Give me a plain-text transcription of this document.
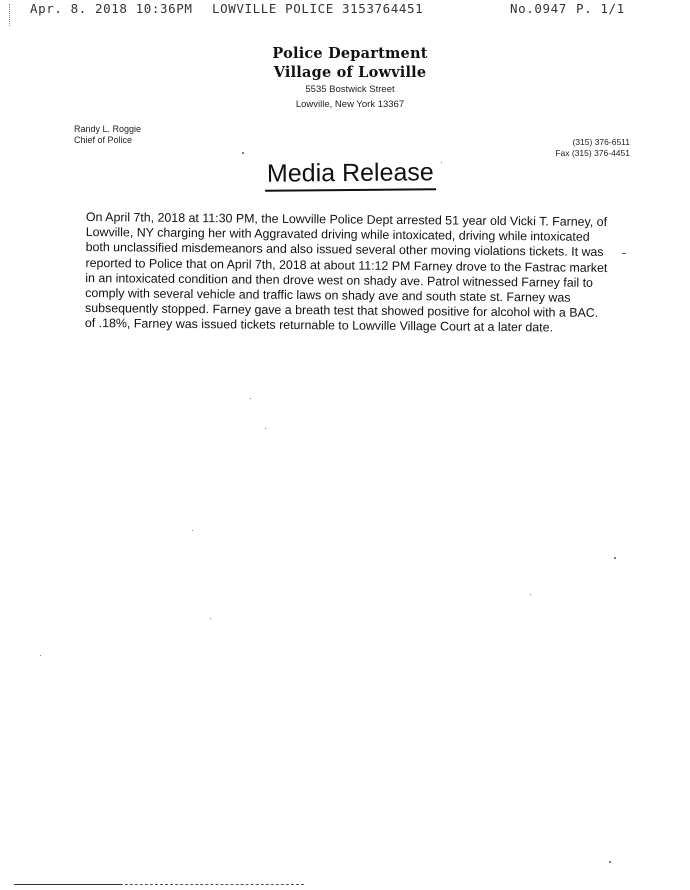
Apr. 8. 2018 10:36PM LOWVILLE POLICE 3153764451	No.0947 P. 1/1
Police Department
Village of Lowville
5535 Bostwick Street
Lowville, New York 13367
Randy L. Roggie
Chief of Police	(315) 376-6511
Fax (315) 376-4451
Media Release

On April 7th, 2018 at 11:30 PM, the Lowville Police Dept arrested 51 year old Vicki T. Farney, of Lowville, NY charging her with Aggravated driving while intoxicated, driving while intoxicated both unclassified misdemeanors and also issued several other moving violations tickets. It was reported to Police that on April 7th, 2018 at about 11:12 PM Farney drove to the Fastrac market in an intoxicated condition and then drove west on shady ave. Patrol witnessed Farney fail to comply with several vehicle and traffic laws on shady ave and south state st. Farney was subsequently stopped. Farney gave a breath test that showed positive for alcohol with a BAC. of .18%, Farney was issued tickets returnable to Lowville Village Court at a later date.
